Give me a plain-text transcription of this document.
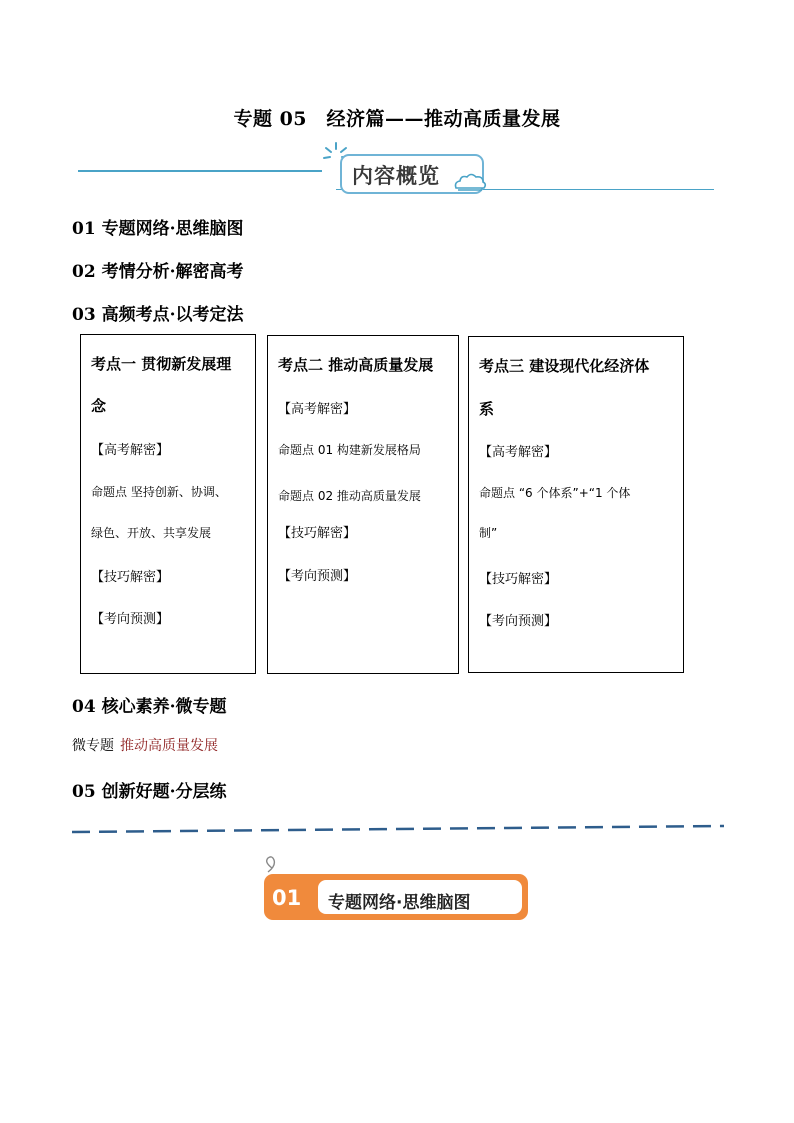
专题 05　经济篇——推动高质量发展
内容概览
01 专题网络·思维脑图
02 考情分析·解密高考
03 高频考点·以考定法
考点一 贯彻新发展理
念
【高考解密】
命题点 坚持创新、协调、
绿色、开放、共享发展
【技巧解密】
【考向预测】
考点二 推动高质量发展
【高考解密】
命题点 01 构建新发展格局
命题点 02 推动高质量发展
【技巧解密】
【考向预测】
考点三 建设现代化经济体
系
【高考解密】
命题点 “6 个体系”+“1 个体
制”
【技巧解密】
【考向预测】
04 核心素养·微专题
微专题 推动高质量发展
05 创新好题·分层练
01 专题网络·思维脑图
